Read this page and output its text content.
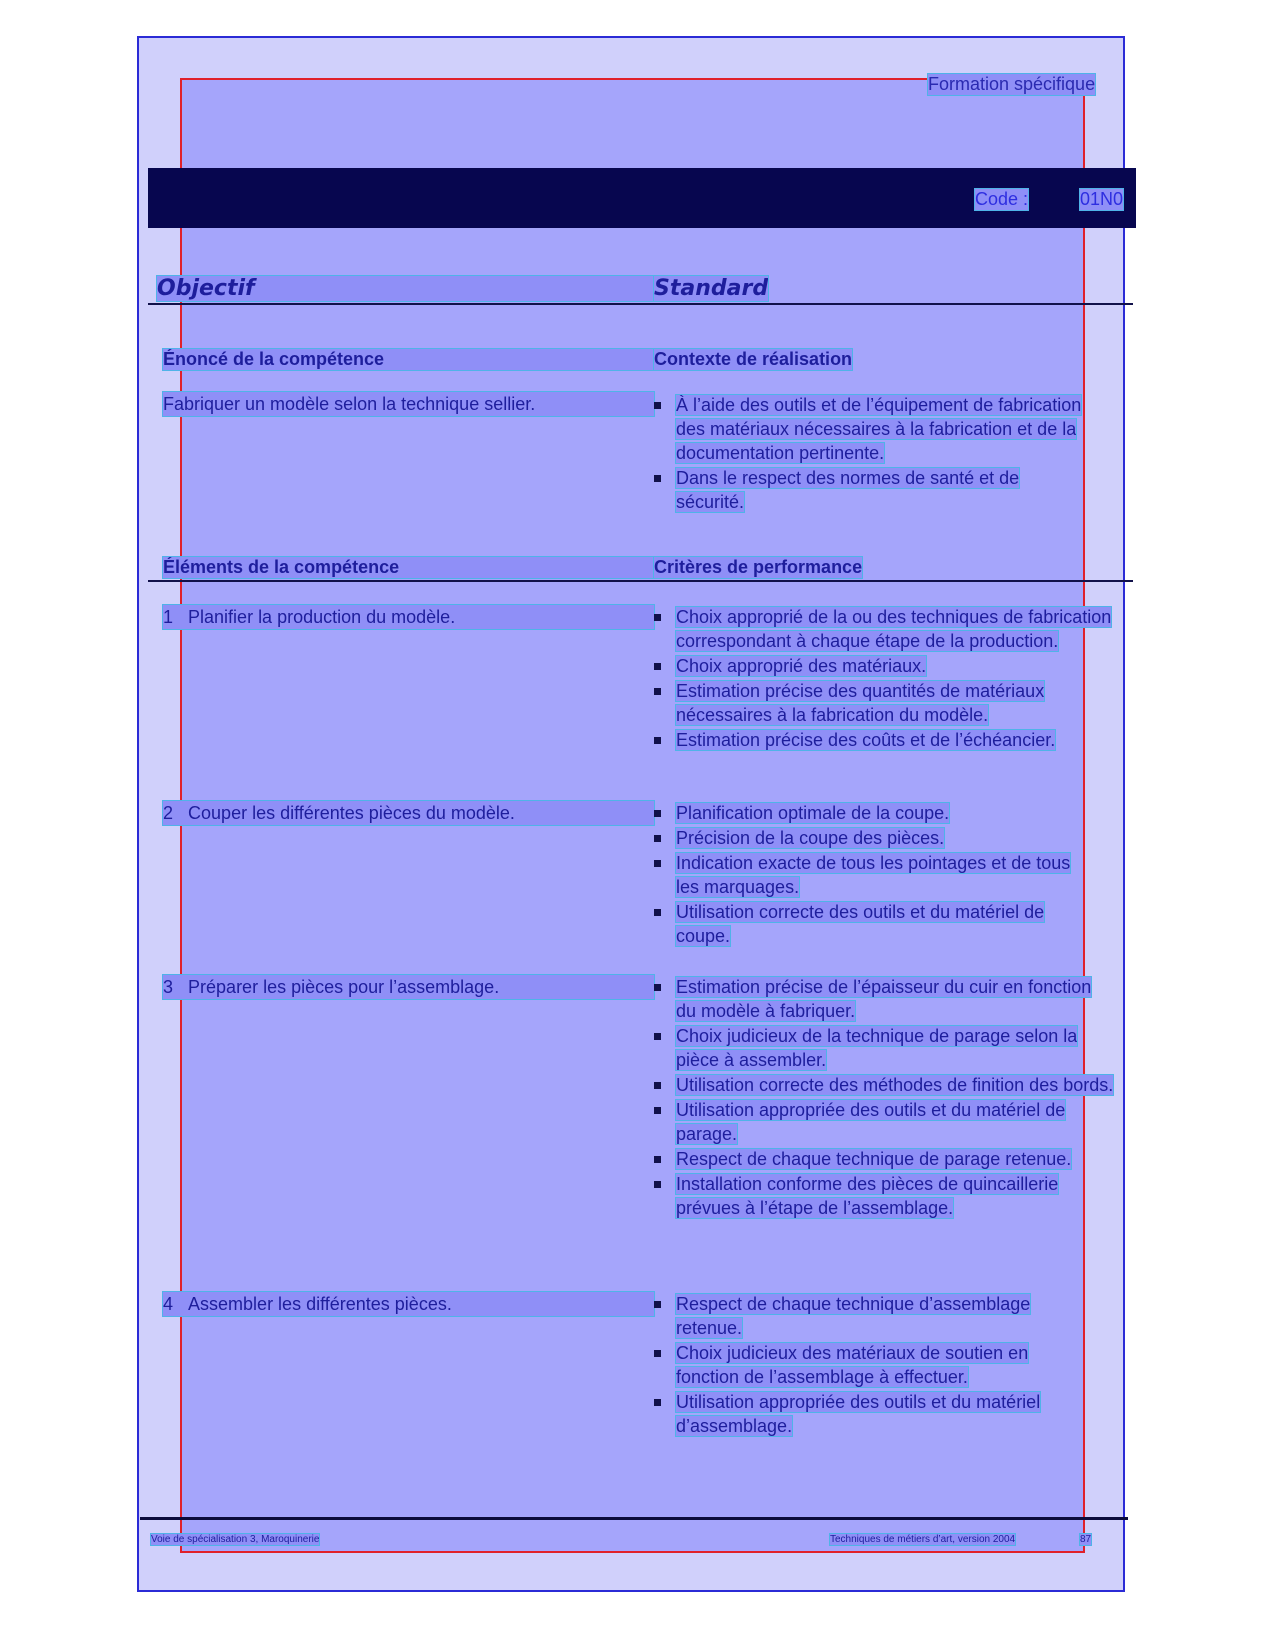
Formation spécifique
Code :	01N0
Objectif	Standard
Énoncé de la compétence	Contexte de réalisation
Fabriquer un modèle selon la technique sellier.	À l’aide des outils et de l’équipement de fabrication des matériaux nécessaires à la fabrication et de la documentation pertinente.
Dans le respect des normes de santé et de sécurité.
Éléments de la compétence	Critères de performance
1 Planifier la production du modèle.	Choix approprié de la ou des techniques de fabrication correspondant à chaque étape de la production.
Choix approprié des matériaux.
Estimation précise des quantités de matériaux nécessaires à la fabrication du modèle.
Estimation précise des coûts et de l’échéancier.
2 Couper les différentes pièces du modèle.	Planification optimale de la coupe.
Précision de la coupe des pièces.
Indication exacte de tous les pointages et de tous les marquages.
Utilisation correcte des outils et du matériel de coupe.
3 Préparer les pièces pour l’assemblage.	Estimation précise de l’épaisseur du cuir en fonction du modèle à fabriquer.
Choix judicieux de la technique de parage selon la pièce à assembler.
Utilisation correcte des méthodes de finition des bords.
Utilisation appropriée des outils et du matériel de parage.
Respect de chaque technique de parage retenue.
Installation conforme des pièces de quincaillerie prévues à l’étape de l’assemblage.
4 Assembler les différentes pièces.	Respect de chaque technique d’assemblage retenue.
Choix judicieux des matériaux de soutien en fonction de l’assemblage à effectuer.
Utilisation appropriée des outils et du matériel d’assemblage.
Voie de spécialisation 3, Maroquinerie	Techniques de métiers d’art, version 2004	87
